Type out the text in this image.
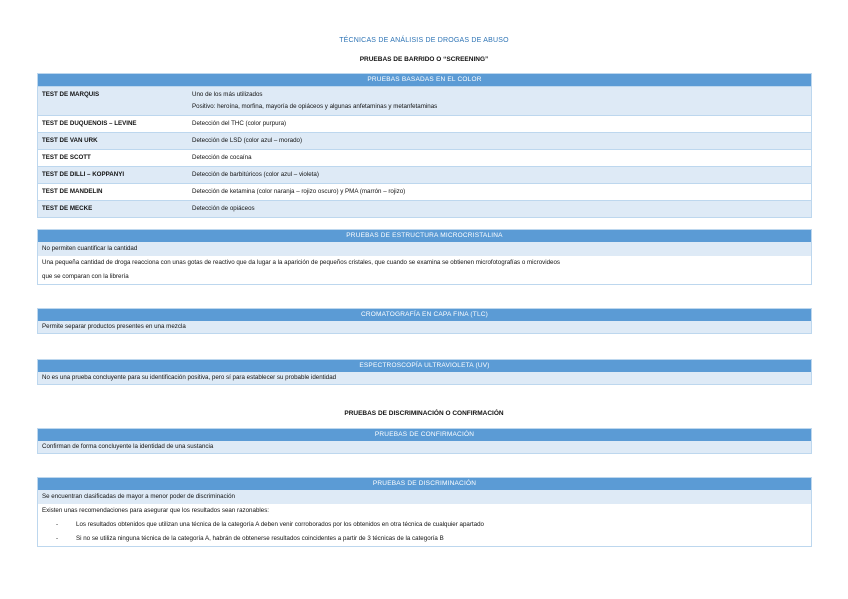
TÉCNICAS DE ANÁLISIS DE DROGAS DE ABUSO
PRUEBAS DE BARRIDO O “SCREENING”
PRUEBAS BASADAS EN EL COLOR
TEST DE MARQUIS	Uno de los más utilizados
Positivo: heroína, morfina, mayoría de opiáceos y algunas anfetaminas y metanfetaminas
TEST DE DUQUENOIS – LEVINE	Detección del THC (color purpura)
TEST DE VAN URK	Detección de LSD (color azul – morado)
TEST DE SCOTT	Detección de cocaína
TEST DE DILLI – KOPPANYI	Detección de barbitúricos (color azul – violeta)
TEST DE MANDELIN	Detección de ketamina (color naranja – rojizo oscuro) y PMA (marrón – rojizo)
TEST DE MECKE	Detección de opiáceos
PRUEBAS DE ESTRUCTURA MICROCRISTALINA
No permiten cuantificar la cantidad
Una pequeña cantidad de droga reacciona con unas gotas de reactivo que da lugar a la aparición de pequeños cristales, que cuando se examina se obtienen microfotografías o microvideos
que se comparan con la librería
CROMATOGRAFÍA EN CAPA FINA (TLC)
Permite separar productos presentes en una mezcla
ESPECTROSCOPÍA ULTRAVIOLETA (UV)
No es una prueba concluyente para su identificación positiva, pero sí para establecer su probable identidad
PRUEBAS DE DISCRIMINACIÓN O CONFIRMACIÓN
PRUEBAS DE CONFIRMACIÓN
Confirman de forma concluyente la identidad de una sustancia
PRUEBAS DE DISCRIMINACIÓN
Se encuentran clasificadas de mayor a menor poder de discriminación
Existen unas recomendaciones para asegurar que los resultados sean razonables:
-	Los resultados obtenidos que utilizan una técnica de la categoría A deben venir corroborados por los obtenidos en otra técnica de cualquier apartado
-	Si no se utiliza ninguna técnica de la categoría A, habrán de obtenerse resultados coincidentes a partir de 3 técnicas de la categoría B
